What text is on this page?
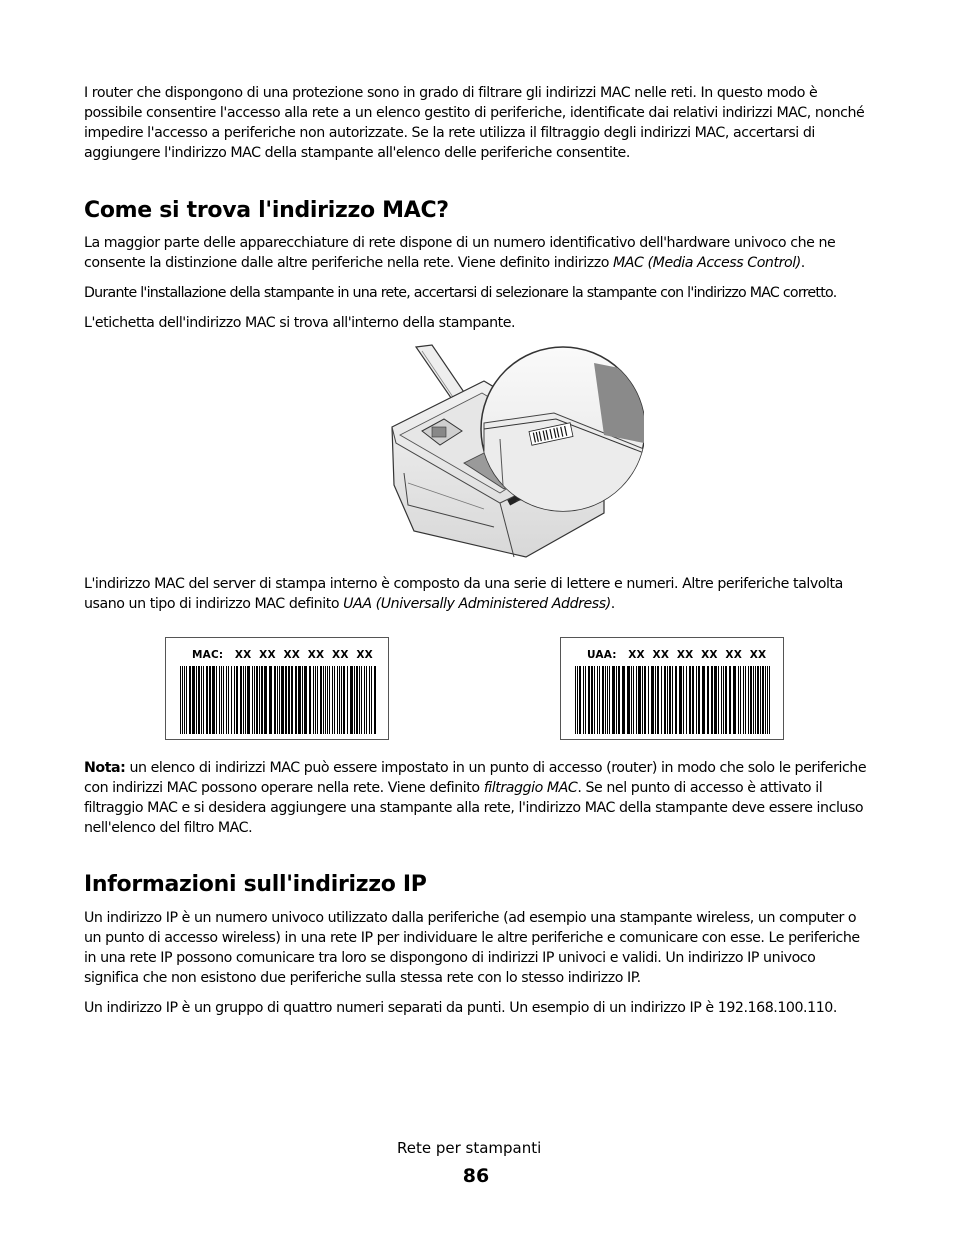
I router che dispongono di una protezione sono in grado di filtrare gli indirizzi MAC nelle reti. In questo modo è possibile consentire l'accesso alla rete a un elenco gestito di periferiche, identificate dai relativi indirizzi MAC, nonché impedire l'accesso a periferiche non autorizzate. Se la rete utilizza il filtraggio degli indirizzi MAC, accertarsi di aggiungere l'indirizzo MAC della stampante all'elenco delle periferiche consentite.

Come si trova l'indirizzo MAC?

La maggior parte delle apparecchiature di rete dispone di un numero identificativo dell'hardware univoco che ne consente la distinzione dalle altre periferiche nella rete. Viene definito indirizzo MAC (Media Access Control).

Durante l'installazione della stampante in una rete, accertarsi di selezionare la stampante con l'indirizzo MAC corretto.

L'etichetta dell'indirizzo MAC si trova all'interno della stampante.

L'indirizzo MAC del server di stampa interno è composto da una serie di lettere e numeri. Altre periferiche talvolta usano un tipo di indirizzo MAC definito UAA (Universally Administered Address).

MAC:   XX  XX  XX  XX  XX  XX	UAA:   XX  XX  XX  XX  XX  XX

Nota: un elenco di indirizzi MAC può essere impostato in un punto di accesso (router) in modo che solo le periferiche con indirizzi MAC possono operare nella rete. Viene definito filtraggio MAC. Se nel punto di accesso è attivato il filtraggio MAC e si desidera aggiungere una stampante alla rete, l'indirizzo MAC della stampante deve essere incluso nell'elenco del filtro MAC.

Informazioni sull'indirizzo IP

Un indirizzo IP è un numero univoco utilizzato dalla periferiche (ad esempio una stampante wireless, un computer o un punto di accesso wireless) in una rete IP per individuare le altre periferiche e comunicare con esse. Le periferiche in una rete IP possono comunicare tra loro se dispongono di indirizzi IP univoci e validi. Un indirizzo IP univoco significa che non esistono due periferiche sulla stessa rete con lo stesso indirizzo IP.

Un indirizzo IP è un gruppo di quattro numeri separati da punti. Un esempio di un indirizzo IP è 192.168.100.110.

Rete per stampanti
86
